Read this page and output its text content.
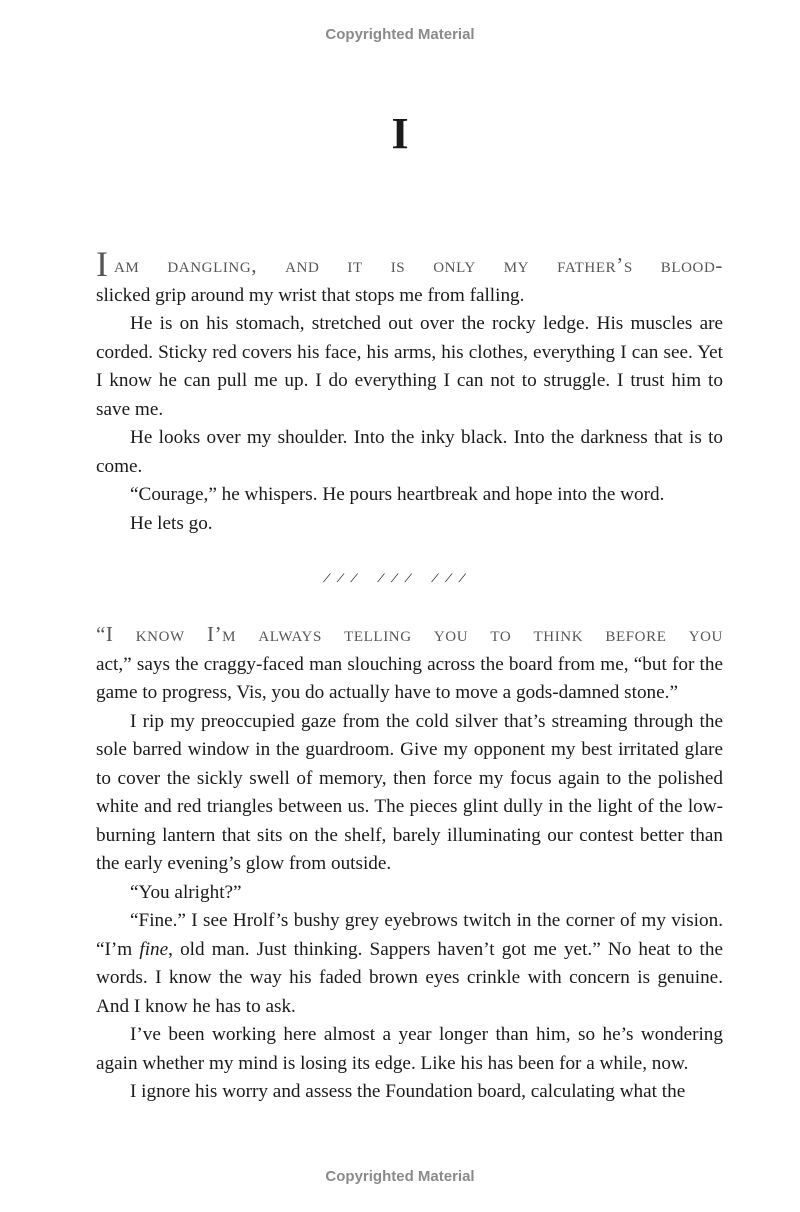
Copyrighted Material
I

Iam dangling, and it is only my father’s blood-
slicked grip around my wrist that stops me from falling.

He is on his stomach, stretched out over the rocky ledge. His muscles are corded. Sticky red covers his face, his arms, his clothes, everything I can see. Yet I know he can pull me up. I do everything I can not to struggle. I trust him to save me.

He looks over my shoulder. Into the inky black. Into the darkness that is to come.

“Courage,” he whispers. He pours heartbreak and hope into the word.

He lets go.

/// /// ///

“I know I’m always telling you to think before you
act,” says the craggy-faced man slouching across the board from me, “but for the game to progress, Vis, you do actually have to move a gods-damned stone.”

I rip my preoccupied gaze from the cold silver that’s streaming through the sole barred window in the guardroom. Give my opponent my best irritated glare to cover the sickly swell of memory, then force my focus again to the polished white and red triangles between us. The pieces glint dully in the light of the low-burning lantern that sits on the shelf, barely illuminating our contest better than the early evening’s glow from outside.

“You alright?”

“Fine.” I see Hrolf’s bushy grey eyebrows twitch in the corner of my vision. “I’m fine, old man. Just thinking. Sappers haven’t got me yet.” No heat to the words. I know the way his faded brown eyes crinkle with concern is genuine. And I know he has to ask.

I’ve been working here almost a year longer than him, so he’s wondering again whether my mind is losing its edge. Like his has been for a while, now.

I ignore his worry and assess the Foundation board, calculating what the

Copyrighted Material
